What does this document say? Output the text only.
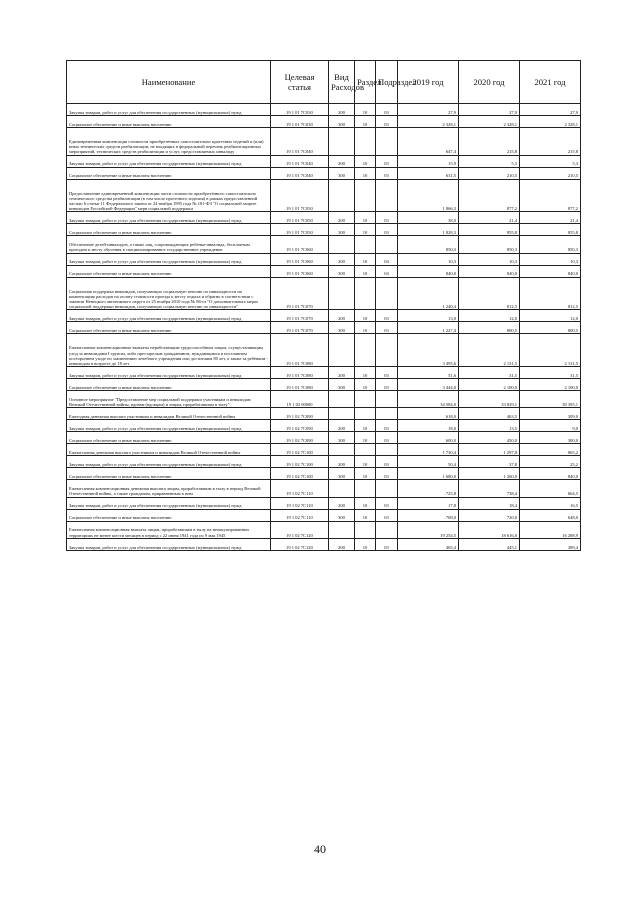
Наименование	Целевая статья	Вид Расходов	Раздел	Подраздел	2019 год	2020 год	2021 год
Закупка товаров, работ и услуг для обеспечения государственных (муниципальных) нужд	19 1 01 7С030	200	10	03	27,9	27,9	27,9
Социальное обеспечение и иные выплаты населению	19 1 01 7С030	300	10	03	2 328,1	2 328,1	2 328,1
Единовременная компенсация стоимости приобретённых самостоятельно протезных изделий и (или) иных технических средств реабилитации, не входящих в федеральный перечень реабилитационных мероприятий, технических средств реабилитации и услуг, предоставляемых инвалиду	19 1 01 7С040				647,4	215,8	215,8
Закупка товаров, работ и услуг для обеспечения государственных (муниципальных) нужд	19 1 01 7С040	200	10	03	15,9	5,3	5,3
Социальное обеспечение и иные выплаты населению	19 1 01 7С040	300	10	03	631,5	210,5	210,5
Предоставление единовременной компенсации части стоимости приобретённого самостоятельно технического средства реабилитации (в том числе протезного изделия) в рамках предоставленной частью 6 статьи 11 Федерального закона от 24 ноября 1995 года № 181-ФЗ "О социальной защите инвалидов Российской Федерации" мерв социальной поддержки	19 1 01 7С050				1 866,3	877,2	877,2
Закупка товаров, работ и услуг для обеспечения государственных (муниципальных) нужд	19 1 01 7С050	200	10	03	38,0	21,4	21,4
Социальное обеспечение и иные выплаты населению	19 1 01 7С050	300	10	03	1 828,3	855,8	855,8
Обеспечение детей-инвалидов, а также лиц, сопровождающих ребёнка-инвалида, бесплатным проездом к месту обучения в специализированное государственное учреждение	19 1 01 7С060				850,3	850,3	850,3
Закупка товаров, работ и услуг для обеспечения государственных (муниципальных) нужд	19 1 01 7С060	200	10	04	10,3	10,3	10,3
Социальное обеспечение и иные выплаты населению	19 1 01 7С060	300	10	04	840,0	840,0	840,0
Социальная поддержка инвалидов, получающих социальную пенсию по инвалидности на компенсацию расходов на оплату стоимости проезда к месту отдыха и обратно в соответствии с законом Ненецкого автономного округа от 25 ноября 2010 года № 86-оз "О дополнительных мерах социальной поддержки инвалидов, получающих социальную пенсию по инвалидности"	19 1 01 7С070				1 240,4	812,5	812,5
Закупка товаров, работ и услуг для обеспечения государственных (муниципальных) нужд	19 1 01 7С070	200	10	03	13,0	12,0	12,0
Социальное обеспечение и иные выплаты населению	19 1 01 7С070	300	10	03	1 227,4	800,5	800,5
Ежемесячные компенсационные выплаты неработающим трудоспособным лицам, осуществляющим уход за инвалидами I группы, либо престарелым гражданином, нуждающимся в постоянном постороннем уходе по заключению лечебного учреждения или достигшим 80 лет, а также за ребёнком - инвалидом в возрасте до 18 лет	19 1 01 7С080				3 495,6	2 131,5	2 131,5
Закупка товаров, работ и услуг для обеспечения государственных (муниципальных) нужд	19 1 01 7С080	200	10	03	51,6	31,5	31,5
Социальное обеспечение и иные выплаты населению	19 1 01 7С080	300	10	03	3 444,0	2 100,0	2 100,0
Основное мероприятие "Предоставление мер социальной поддержки участникам и инвалидам Великой Отечественной войны, вдовам (вдовцам) и лицам, проработавшим в тылу"	19 1 02 00000				34 584,0	33 829,1	30 395,1
Ежегодная денежная выплата участникам и инвалидам Великой Отечественной войны	19 1 02 7С090				618,0	463,5	309,0
Закупка товаров, работ и услуг для обеспечения государственных (муниципальных) нужд	19 1 02 7С090	200	10	03	18,0	13,5	9,0
Социальное обеспечение и иные выплаты населению	19 1 02 7С090	300	10	03	600,0	450,0	300,0
Ежемесячная денежная выплата участникам и инвалидам Великой Отечественной войны	19 1 02 7С100				1 730,4	1 297,8	865,2
Закупка товаров, работ и услуг для обеспечения государственных (муниципальных) нужд	19 1 02 7С100	200	10	03	50,4	37,8	25,2
Социальное обеспечение и иные выплаты населению	19 1 02 7С100	300	10	03	1 680,0	1 260,0	840,0
Ежемесячная компенсационная денежная выплата лицам, проработавшим в тылу в период Великой Отечественной войны, а также гражданам, приравненным к ним	19 1 02 7С110				725,8	738,4	664,5
Закупка товаров, работ и услуг для обеспечения государственных (муниципальных) нужд	19 1 02 7С110	200	10	03	17,8	18,4	16,5
Социальное обеспечение и иные выплаты населению	19 1 02 7С110	300	10	03	708,0	720,0	648,0
Ежемесячная компенсационная выплата лицам, проработавшим в тылу на неоккупированных территориях не менее шести месяцев в период с 22 июня 1941 года по 9 мая 1945	19 1 02 7С120				19 254,5	18 616,0	16 288,9
Закупка товаров, работ и услуг для обеспечения государственных (муниципальных) нужд	19 1 02 7С120	200	10	03	465,4	445,1	389,4
40
